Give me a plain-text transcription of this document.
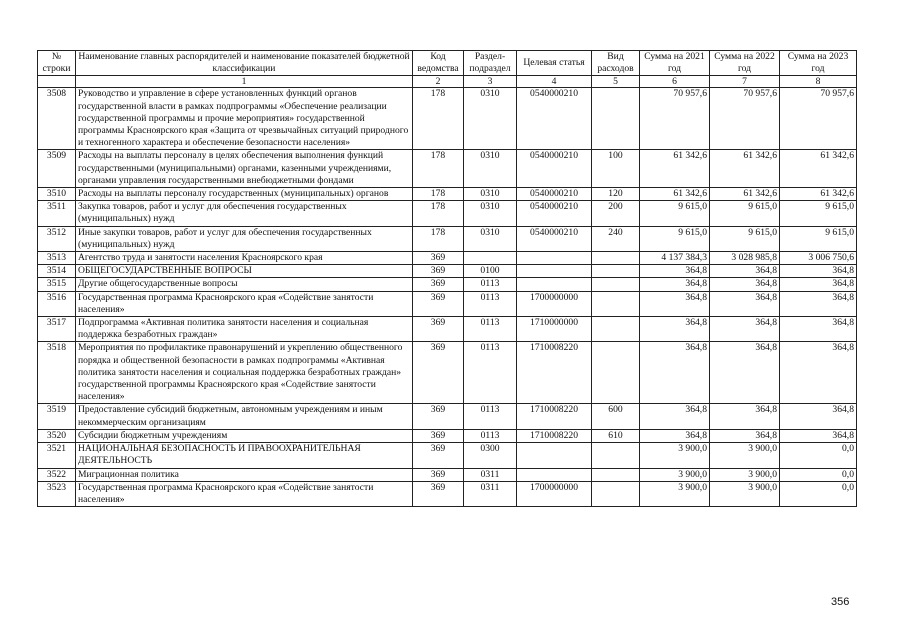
№ строки	Наименование главных распорядителей и наименование показателей бюджетной классификации	Код ведомства	Раздел-подраздел	Целевая статья	Вид расходов	Сумма на 2021 год	Сумма на 2022 год	Сумма на 2023 год
	1	2	3	4	5	6	7	8
3508	Руководство и управление в сфере установленных функций органов государственной власти в рамках подпрограммы «Обеспечение реализации государственной программы и прочие мероприятия» государственной программы Красноярского края «Защита от чрезвычайных ситуаций природного и техногенного характера и обеспечение безопасности населения»	178	0310	0540000210		70 957,6	70 957,6	70 957,6
3509	Расходы на выплаты персоналу в целях обеспечения выполнения функций государственными (муниципальными) органами, казенными учреждениями, органами управления государственными внебюджетными фондами	178	0310	0540000210	100	61 342,6	61 342,6	61 342,6
3510	Расходы на выплаты персоналу государственных (муниципальных) органов	178	0310	0540000210	120	61 342,6	61 342,6	61 342,6
3511	Закупка товаров, работ и услуг для обеспечения государственных (муниципальных) нужд	178	0310	0540000210	200	9 615,0	9 615,0	9 615,0
3512	Иные закупки товаров, работ и услуг для обеспечения государственных (муниципальных) нужд	178	0310	0540000210	240	9 615,0	9 615,0	9 615,0
3513	Агентство труда и занятости населения Красноярского края	369				4 137 384,3	3 028 985,8	3 006 750,6
3514	ОБЩЕГОСУДАРСТВЕННЫЕ ВОПРОСЫ	369	0100			364,8	364,8	364,8
3515	Другие общегосударственные вопросы	369	0113			364,8	364,8	364,8
3516	Государственная программа Красноярского края «Содействие занятости населения»	369	0113	1700000000		364,8	364,8	364,8
3517	Подпрограмма «Активная политика занятости населения и социальная поддержка безработных граждан»	369	0113	1710000000		364,8	364,8	364,8
3518	Мероприятия по профилактике правонарушений и укреплению общественного порядка и общественной безопасности в рамках подпрограммы «Активная политика занятости населения и социальная поддержка безработных граждан» государственной программы Красноярского края «Содействие занятости населения»	369	0113	1710008220		364,8	364,8	364,8
3519	Предоставление субсидий бюджетным, автономным учреждениям и иным некоммерческим организациям	369	0113	1710008220	600	364,8	364,8	364,8
3520	Субсидии бюджетным учреждениям	369	0113	1710008220	610	364,8	364,8	364,8
3521	НАЦИОНАЛЬНАЯ БЕЗОПАСНОСТЬ И ПРАВООХРАНИТЕЛЬНАЯ ДЕЯТЕЛЬНОСТЬ	369	0300			3 900,0	3 900,0	0,0
3522	Миграционная политика	369	0311			3 900,0	3 900,0	0,0
3523	Государственная программа Красноярского края «Содействие занятости населения»	369	0311	1700000000		3 900,0	3 900,0	0,0
356
